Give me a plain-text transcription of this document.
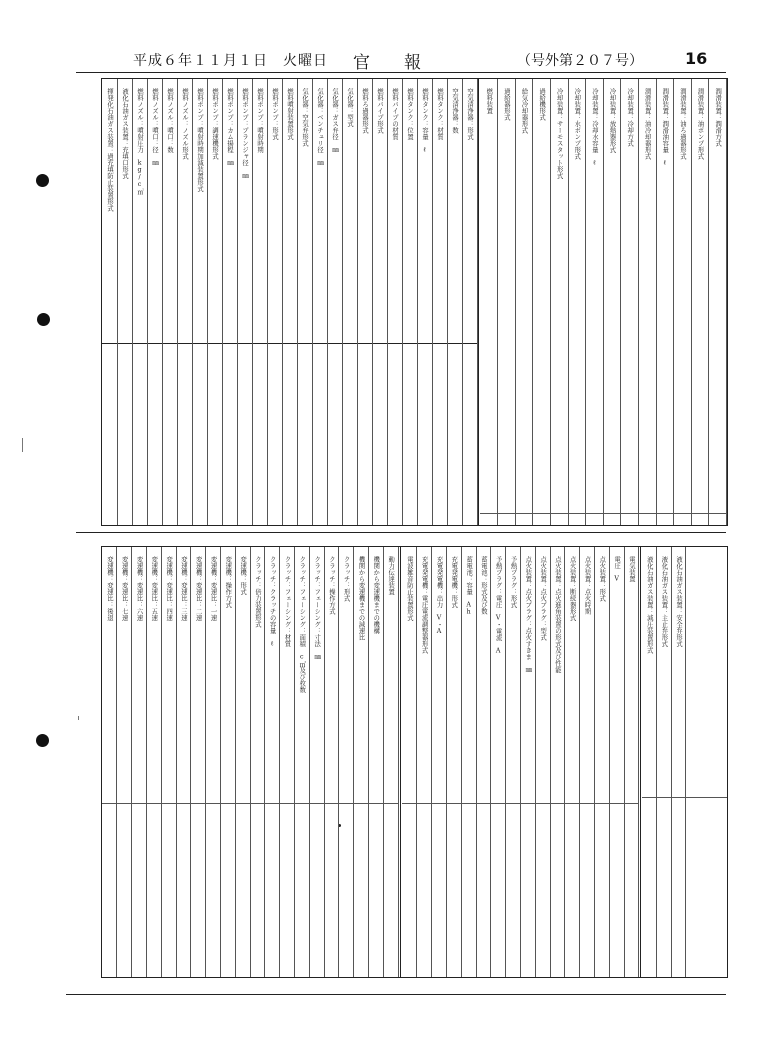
平成６年１１月１日　火曜日 官報	（号外第２０７号）	16
揮発化石油ガス装置：過充填防止装置形式	液化石油ガス装置：充填口形式	燃料ノズル：噴射圧力　kg/c㎡	燃料ノズル：噴口：径　㎜	燃料ノズル：噴口：数	燃料ノズル：ノズル形式	燃料ポンプ：噴射時期加減装置形式	燃料ポンプ：調速機形式	燃料ポンプ：カム揚程　㎜	燃料ポンプ：プランジャ径　㎜	燃料ポンプ：噴射時期	燃料ポンプ：形式	燃料噴射装置形式	気化器：空気弁形式	気化器：ベンチュリ径　㎜	気化器：ガス弁径　㎜	気化器：型式	燃料ろ過器形式	燃料パイプ形式	燃料パイプの材質	燃料タンク：位置	燃料タンク：容量　ℓ	燃料タンク：材質	空気清浄器：数	空気清浄器：形式	燃料装置	過給器形式	給気冷却器形式	過給機形式	冷却装置：サーモスタット形式	冷却装置：水ポンプ形式	冷却装置：冷却水容量　ℓ	冷却装置：放熱器形式	冷却装置：冷却方式	潤滑装置：油冷却器形式	潤滑装置：潤滑油容量　ℓ	潤滑装置：油ろ過器形式	潤滑装置：油ポンプ形式	潤滑装置：潤滑方式
変速機：変速比：後退	変速機：変速比：七速	変速機：変速比：六速	変速機：変速比：五速	変速機：変速比：四速	変速機：変速比：三速	変速機：変速比：二速	変速機：変速比：一速	変速機：操作方式	変速機：形式	クラッチ：倍力装置形式	クラッチ：クラッチの容量　ℓ	クラッチ：フェーシング：材質	クラッチ：フェーシング：面積　c㎡及び枚数	クラッチ：フェーシング：寸法　㎜	クラッチ：操作方式	クラッチ：形式	機関から変速機までの減速比	機関から変速機までの機構	動力伝達装置	電波雑音防止装置形式	充電発電機：電圧電流調整器形式	充電発電機：出力　V・A	充電発電機：形式	蓄電池：容量　Ah	蓄電池：形式及び数	予熱プラグ：電圧　V・電流　A	予熱プラグ：形式	点火装置：点火プラグ：点火すきま　㎜	点火装置：点火プラグ：型式	点火装置：点火進角装置の形式及び性能	点火装置：断続器形式	点火装置：点火時期	点火装置：形式	電圧　V	電気装置	液化石油ガス装置：減圧装置形式	液化石油ガス装置：主止弁形式	液化石油ガス装置：安全弁形式
